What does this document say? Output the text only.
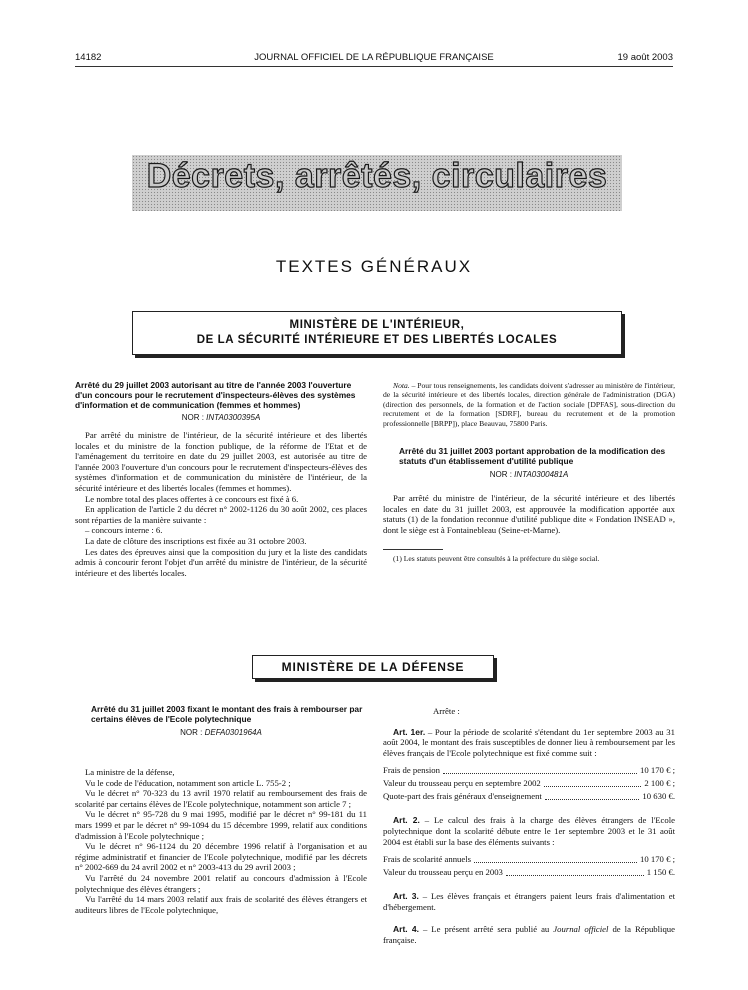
14182	JOURNAL OFFICIEL DE LA RÉPUBLIQUE FRANÇAISE	19 août 2003
Décrets, arrêtés, circulaires
TEXTES GÉNÉRAUX
MINISTÈRE DE L'INTÉRIEUR,
DE LA SÉCURITÉ INTÉRIEURE ET DES LIBERTÉS LOCALES
Arrêté du 29 juillet 2003 autorisant au titre de l'année 2003 l'ouverture d'un concours pour le recrutement d'inspecteurs-élèves des systèmes d'information et de communication (femmes et hommes)
NOR : INTA0300395A

Par arrêté du ministre de l'intérieur, de la sécurité intérieure et des libertés locales et du ministre de la fonction publique, de la réforme de l'Etat et de l'aménagement du territoire en date du 29 juillet 2003, est autorisée au titre de l'année 2003 l'ouverture d'un concours pour le recrutement d'inspecteurs-élèves des systèmes d'information et de communication du ministère de l'intérieur, de la sécurité intérieure et des libertés locales (femmes et hommes).

Le nombre total des places offertes à ce concours est fixé à 6.

En application de l'article 2 du décret n° 2002-1126 du 30 août 2002, ces places sont réparties de la manière suivante :

– concours interne : 6.

La date de clôture des inscriptions est fixée au 31 octobre 2003.

Les dates des épreuves ainsi que la composition du jury et la liste des candidats admis à concourir feront l'objet d'un arrêté du ministre de l'intérieur, de la sécurité intérieure et des libertés locales.

Nota. – Pour tous renseignements, les candidats doivent s'adresser au ministère de l'intérieur, de la sécurité intérieure et des libertés locales, direction générale de l'administration (DGA) (direction des personnels, de la formation et de l'action sociale [DPFAS], sous-direction du recrutement et de la formation [SDRF], bureau du recrutement et de la promotion professionnelle [BRPP]), place Beauvau, 75800 Paris.

Arrêté du 31 juillet 2003 portant approbation de la modification des statuts d'un établissement d'utilité publique
NOR : INTA0300481A

Par arrêté du ministre de l'intérieur, de la sécurité intérieure et des libertés locales en date du 31 juillet 2003, est approuvée la modification apportée aux statuts (1) de la fondation reconnue d'utilité publique dite « Fondation INSEAD », dont le siège est à Fontainebleau (Seine-et-Marne).

(1) Les statuts peuvent être consultés à la préfecture du siège social.

MINISTÈRE DE LA DÉFENSE
Arrêté du 31 juillet 2003 fixant le montant des frais à rembourser par certains élèves de l'Ecole polytechnique
NOR : DEFA0301964A

La ministre de la défense,

Vu le code de l'éducation, notamment son article L. 755-2 ;

Vu le décret n° 70-323 du 13 avril 1970 relatif au remboursement des frais de scolarité par certains élèves de l'Ecole polytechnique, notamment son article 7 ;

Vu le décret n° 95-728 du 9 mai 1995, modifié par le décret n° 99-181 du 11 mars 1999 et par le décret n° 99-1094 du 15 décembre 1999, relatif aux conditions d'admission à l'Ecole polytechnique ;

Vu le décret n° 96-1124 du 20 décembre 1996 relatif à l'organisation et au régime administratif et financier de l'Ecole polytechnique, modifié par les décrets n° 2002-669 du 24 avril 2002 et n° 2003-413 du 29 avril 2003 ;

Vu l'arrêté du 24 novembre 2001 relatif au concours d'admission à l'Ecole polytechnique des élèves étrangers ;

Vu l'arrêté du 14 mars 2003 relatif aux frais de scolarité des élèves étrangers et auditeurs libres de l'Ecole polytechnique,

Arrête :

Art. 1er. – Pour la période de scolarité s'étendant du 1er septembre 2003 au 31 août 2004, le montant des frais susceptibles de donner lieu à remboursement par les élèves français de l'Ecole polytechnique est fixé comme suit :

Frais de pension	10 170 € ;
Valeur du trousseau perçu en septembre 2002	2 100 € ;
Quote-part des frais généraux d'enseignement	10 630 €.

Art. 2. – Le calcul des frais à la charge des élèves étrangers de l'Ecole polytechnique dont la scolarité débute entre le 1er septembre 2003 et le 31 août 2004 est établi sur la base des éléments suivants :

Frais de scolarité annuels	10 170 € ;
Valeur du trousseau perçu en 2003	1 150 €.

Art. 3. – Les élèves français et étrangers paient leurs frais d'alimentation et d'hébergement.

Art. 4. – Le présent arrêté sera publié au Journal officiel de la République française.
